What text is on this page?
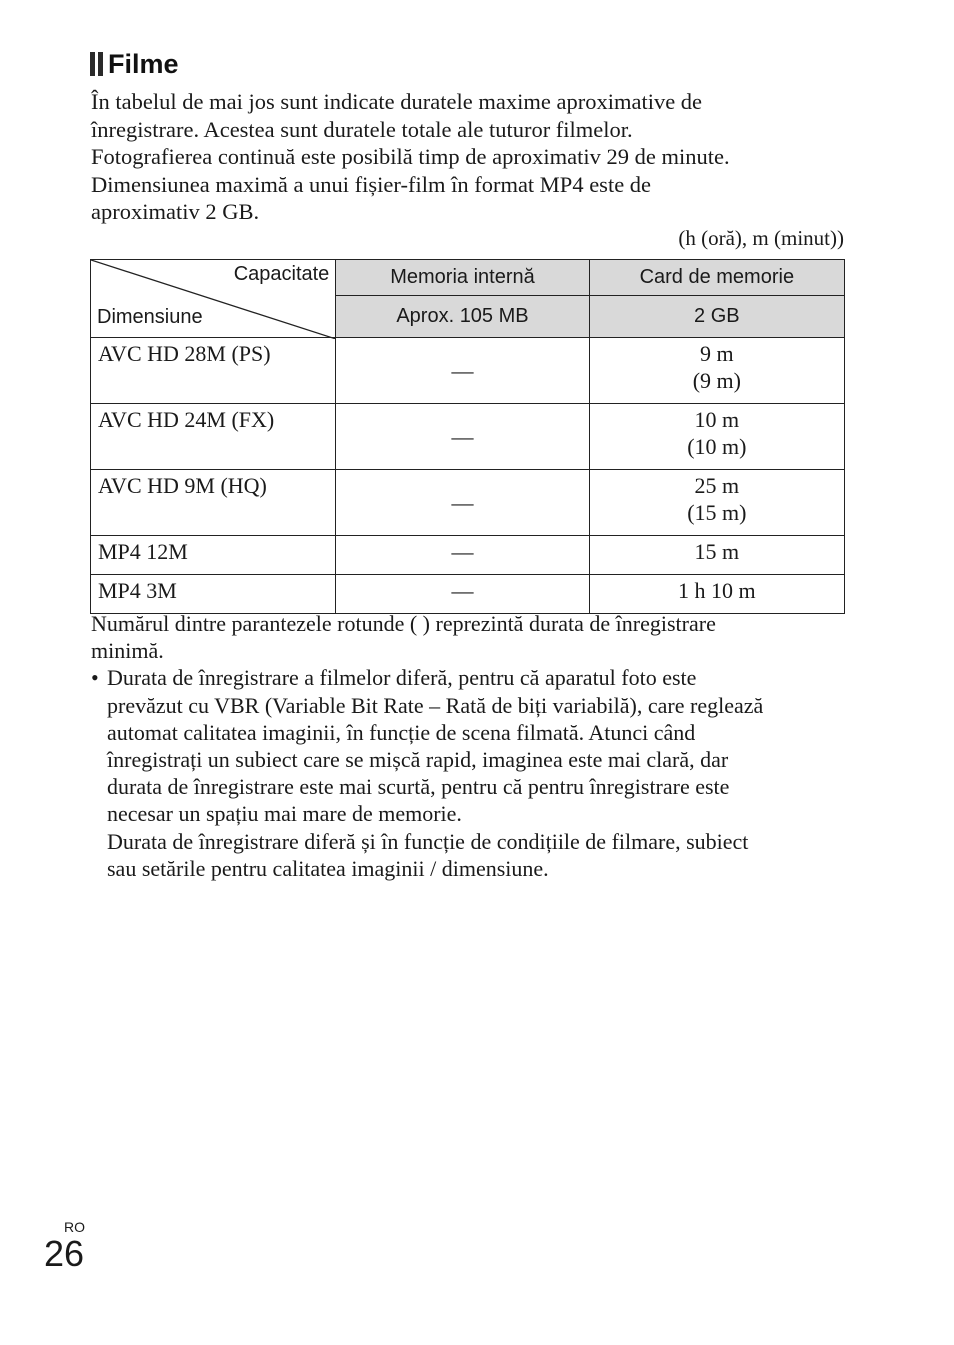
Filme

În tabelul de mai jos sunt indicate duratele maxime aproximative de
înregistrare. Acestea sunt duratele totale ale tuturor filmelor.
Fotografierea continuă este posibilă timp de aproximativ 29 de minute.
Dimensiunea maximă a unui fișier-film în format MP4 este de
aproximativ 2 GB.

(h (oră), m (minut))
Capacitate
Dimensiune	Memoria internă	Card de memorie
	Aprox. 105 MB	2 GB
AVC HD 28M (PS)	—	9 m
(9 m)

AVC HD 24M (FX)	—	10 m
(10 m)

AVC HD 9M (HQ)	—	25 m
(15 m)

MP4 12M	—	15 m
MP4 3M	—	1 h 10 m
Numărul dintre parantezele rotunde ( ) reprezintă durata de înregistrare
minimă.
• Durata de înregistrare a filmelor diferă, pentru că aparatul foto este
prevăzut cu VBR (Variable Bit Rate – Rată de biți variabilă), care reglează
automat calitatea imaginii, în funcție de scena filmată. Atunci când
înregistrați un subiect care se mișcă rapid, imaginea este mai clară, dar
durata de înregistrare este mai scurtă, pentru că pentru înregistrare este
necesar un spațiu mai mare de memorie.
Durata de înregistrare diferă și în funcție de condițiile de filmare, subiect
sau setările pentru calitatea imaginii / dimensiune.
RO
26
